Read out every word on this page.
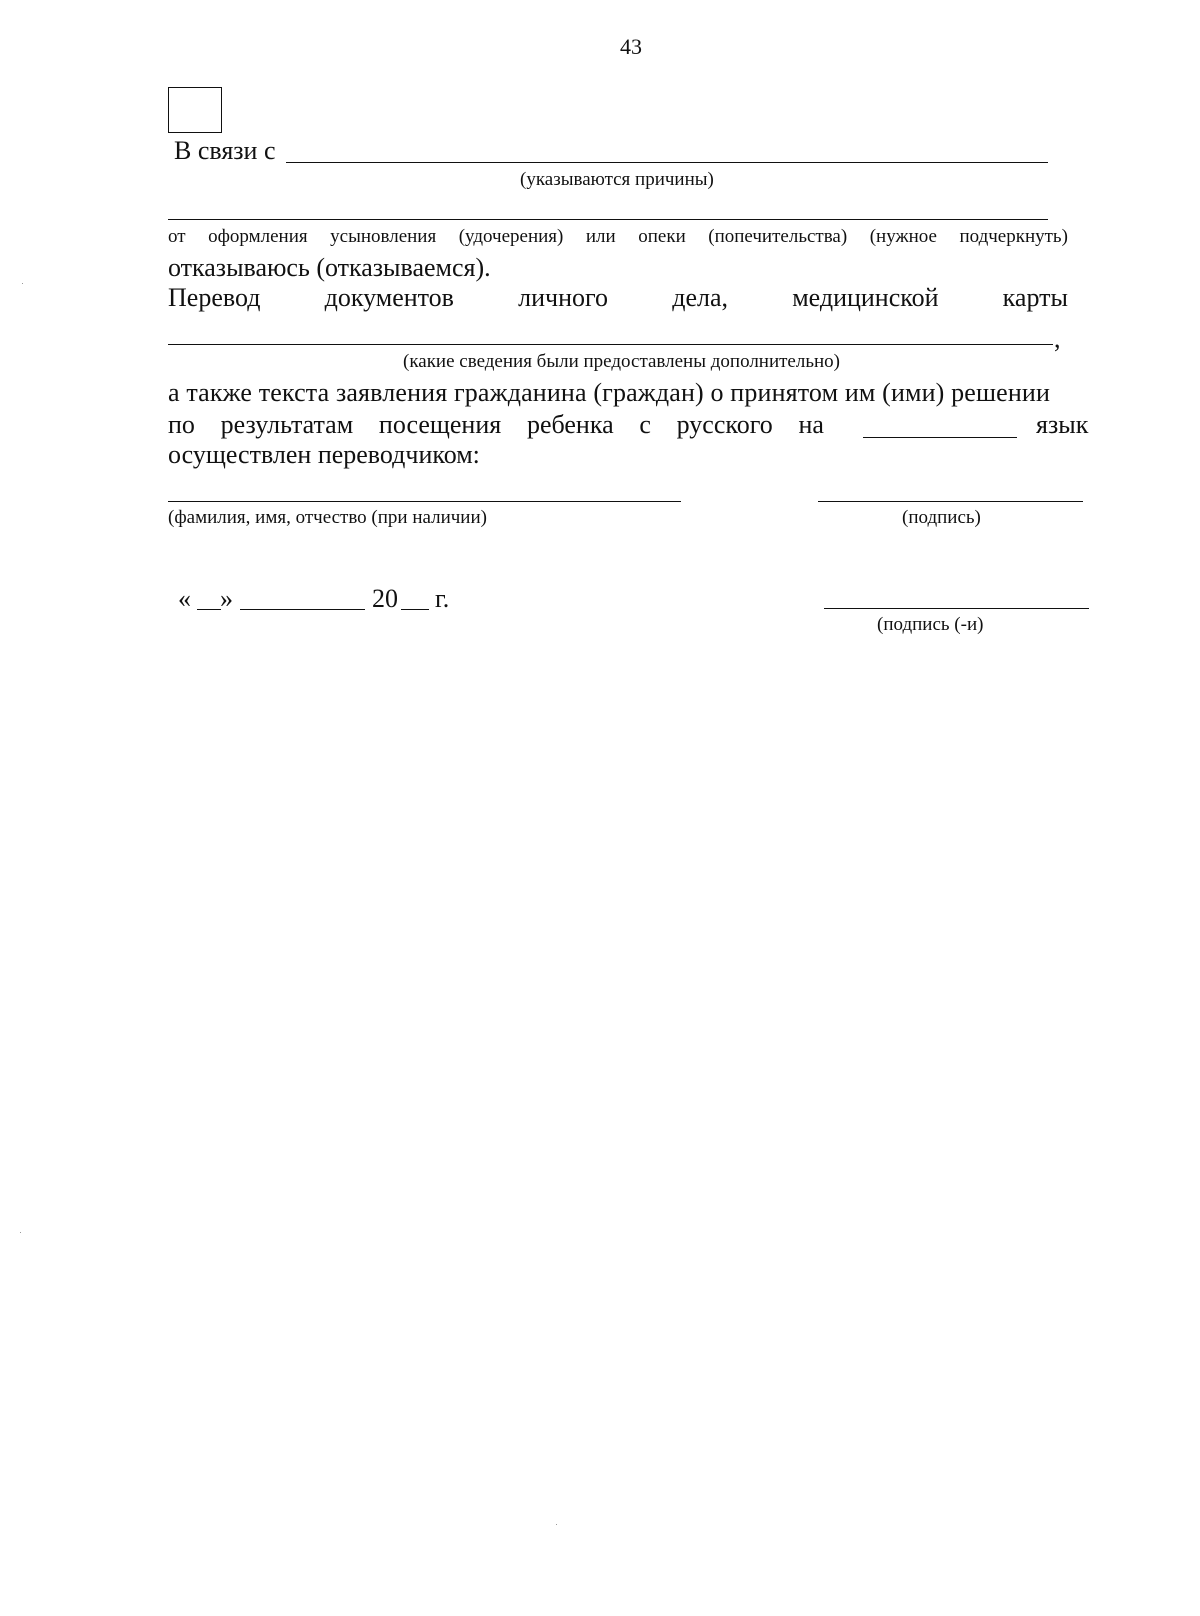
43
В связи с
(указываются причины)
от оформления усыновления (удочерения) или опеки (попечительства) (нужное подчеркнуть)
отказываюсь (отказываемся).
Перевод документов личного дела, медицинской карты
,
(какие сведения были предоставлены дополнительно)
а также текста заявления гражданина (граждан) о принятом им (ими) решении
по результатам посещения ребенка с русского на	язык
осуществлен переводчиком:
(фамилия, имя, отчество (при наличии)	(подпись)
« »	20 г.
(подпись (-и)
